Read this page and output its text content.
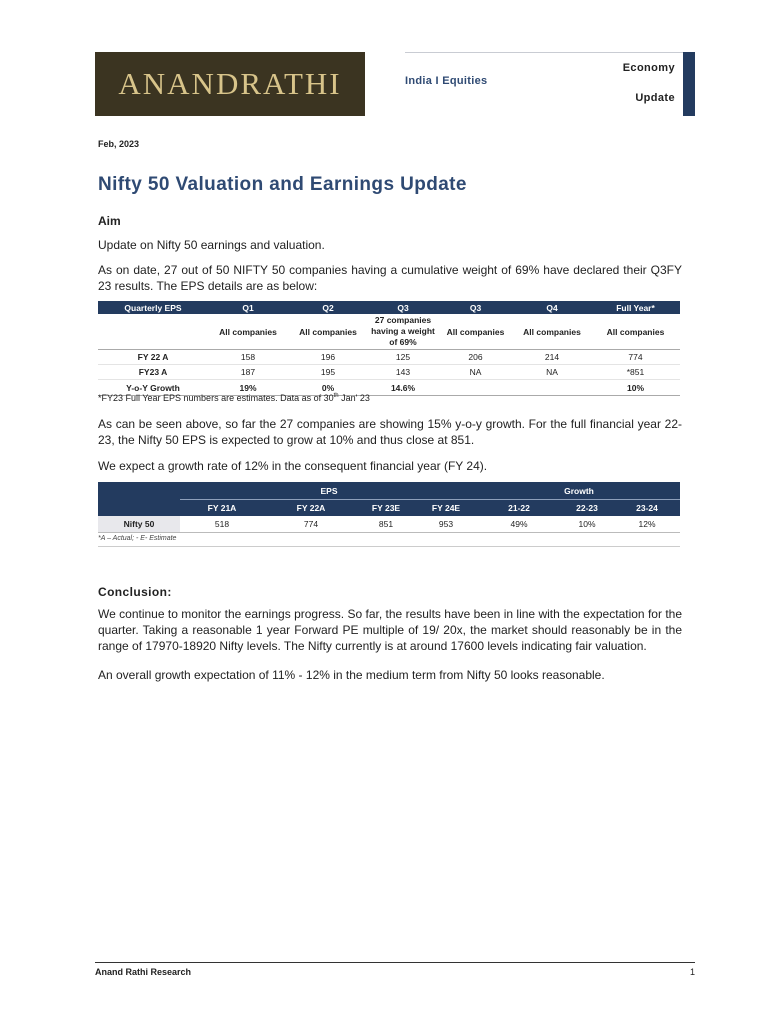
ANANDRATHI	India I Equities
Economy
Update
Feb, 2023
Nifty 50 Valuation and Earnings Update
Aim
Update on Nifty 50 earnings and valuation.
As on date, 27 out of 50 NIFTY 50 companies having a cumulative weight of 69% have declared their Q3FY 23 results. The EPS details are as below:
Quarterly EPS	Q1	Q2	Q3	Q3	Q4	Full Year*
	All companies	All companies	27 companies having a weight of 69%	All companies	All companies	All companies
FY 22 A	158	196	125	206	214	774
FY23 A	187	195	143	NA	NA	*851
Y-o-Y Growth	19%	0%	14.6%			10%
*FY23 Full Year EPS numbers are estimates. Data as of 30th Jan' 23
As can be seen above, so far the 27 companies are showing 15% y-o-y growth. For the full financial year 22-23, the Nifty 50 EPS is expected to grow at 10% and thus close at 851.
We expect a growth rate of 12% in the consequent financial year (FY 24).
	EPS				Growth		
	FY 21A	FY 22A	FY 23E	FY 24E	21-22	22-23	23-24
Nifty 50	518	774	851	953	49%	10%	12%
*A – Actual; - E- Estimate
Conclusion:
We continue to monitor the earnings progress. So far, the results have been in line with the expectation for the quarter. Taking a reasonable 1 year Forward PE multiple of 19/ 20x, the market should reasonably be in the range of 17970-18920 Nifty levels. The Nifty currently is at around 17600 levels indicating fair valuation.
An overall growth expectation of 11% - 12% in the medium term from Nifty 50 looks reasonable.
Anand Rathi Research	1
